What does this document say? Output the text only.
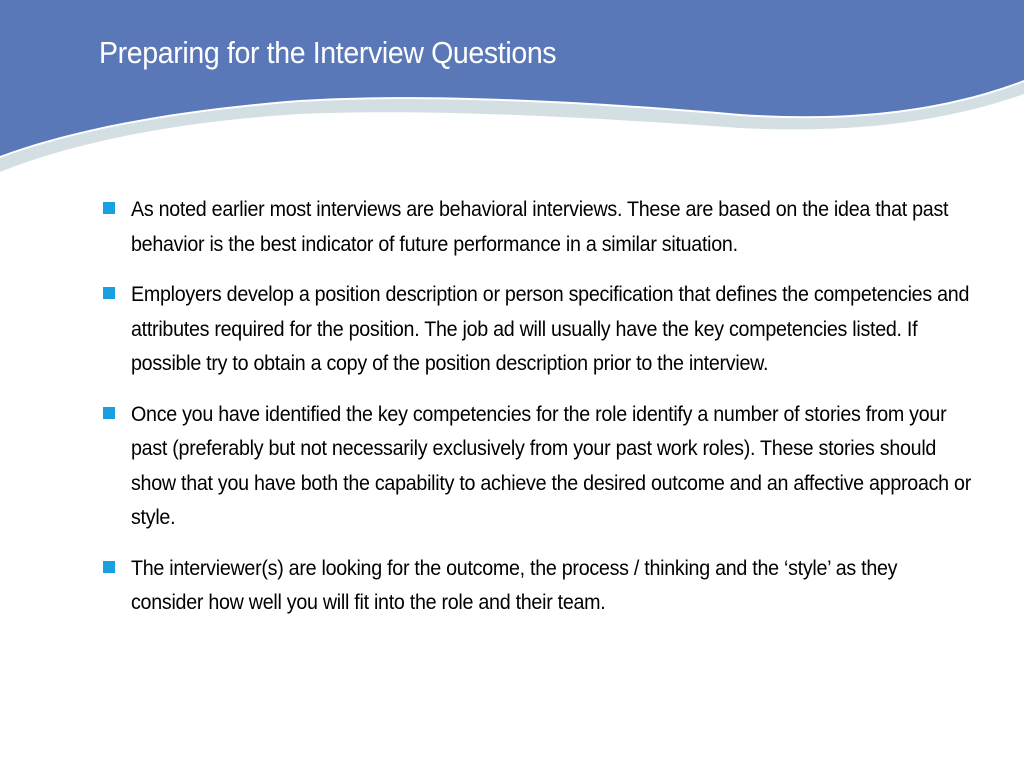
Preparing for the Interview Questions
As noted earlier most interviews are behavioral interviews. These are based on the idea that past behavior is the best indicator of future performance in a similar situation.
Employers develop a position description or person specification that defines the competencies and attributes required for the position. The job ad will usually have the key competencies listed. If possible try to obtain a copy of the position description prior to the interview.
Once you have identified the key competencies for the role identify a number of stories from your past (preferably but not necessarily exclusively from your past work roles). These stories should show that you have both the capability to achieve the desired outcome and an affective approach or style.
The interviewer(s) are looking for the outcome, the process / thinking and the ‘style’ as they consider how well you will fit into the role and their team.
